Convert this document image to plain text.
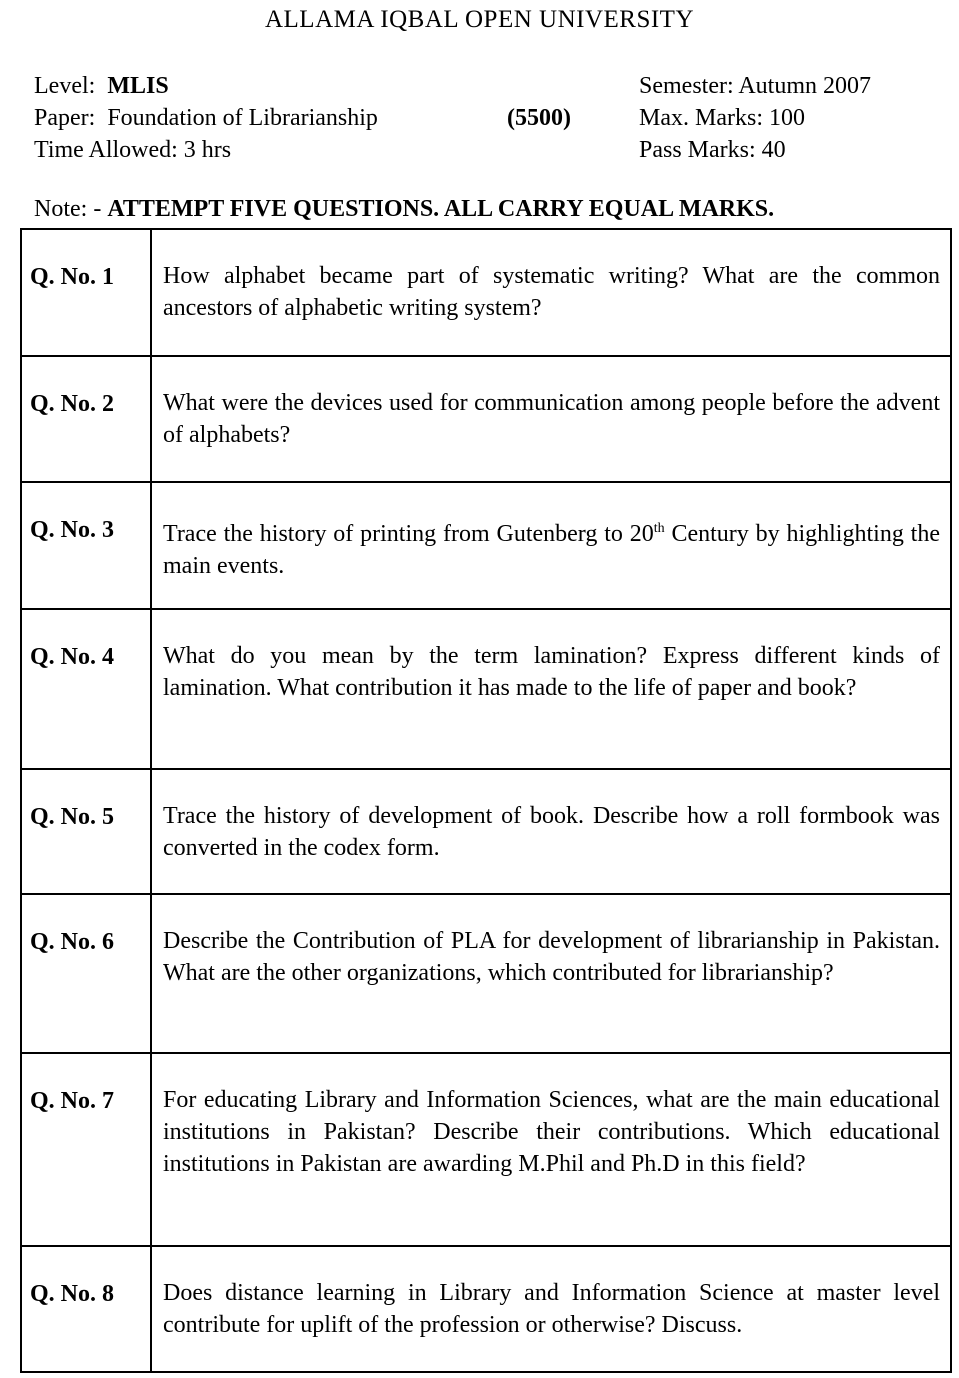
ALLAMA IQBAL OPEN UNIVERSITY
Level: MLIS
Paper: Foundation of Librarianship
Time Allowed: 3 hrs
(5500)
Semester: Autumn 2007
Max. Marks: 100
Pass Marks: 40
Note: - ATTEMPT FIVE QUESTIONS. ALL CARRY EQUAL MARKS.
Q. No. 1	How alphabet became part of systematic writing? What are the common ancestors of alphabetic writing system?

Q. No. 2	What were the devices used for communication among people before the advent of alphabets?

Q. No. 3	Trace the history of printing from Gutenberg to 20th Century by highlighting the main events.

Q. No. 4	What do you mean by the term lamination? Express different kinds of lamination. What contribution it has made to the life of paper and book?

Q. No. 5	Trace the history of development of book. Describe how a roll formbook was converted in the codex form.

Q. No. 6	Describe the Contribution of PLA for development of librarianship in Pakistan. What are the other organizations, which contributed for librarianship?

Q. No. 7	For educating Library and Information Sciences, what are the main educational institutions in Pakistan? Describe their contributions. Which educational institutions in Pakistan are awarding M.Phil and Ph.D in this field?

Q. No. 8	Does distance learning in Library and Information Science at master level contribute for uplift of the profession or otherwise? Discuss.
